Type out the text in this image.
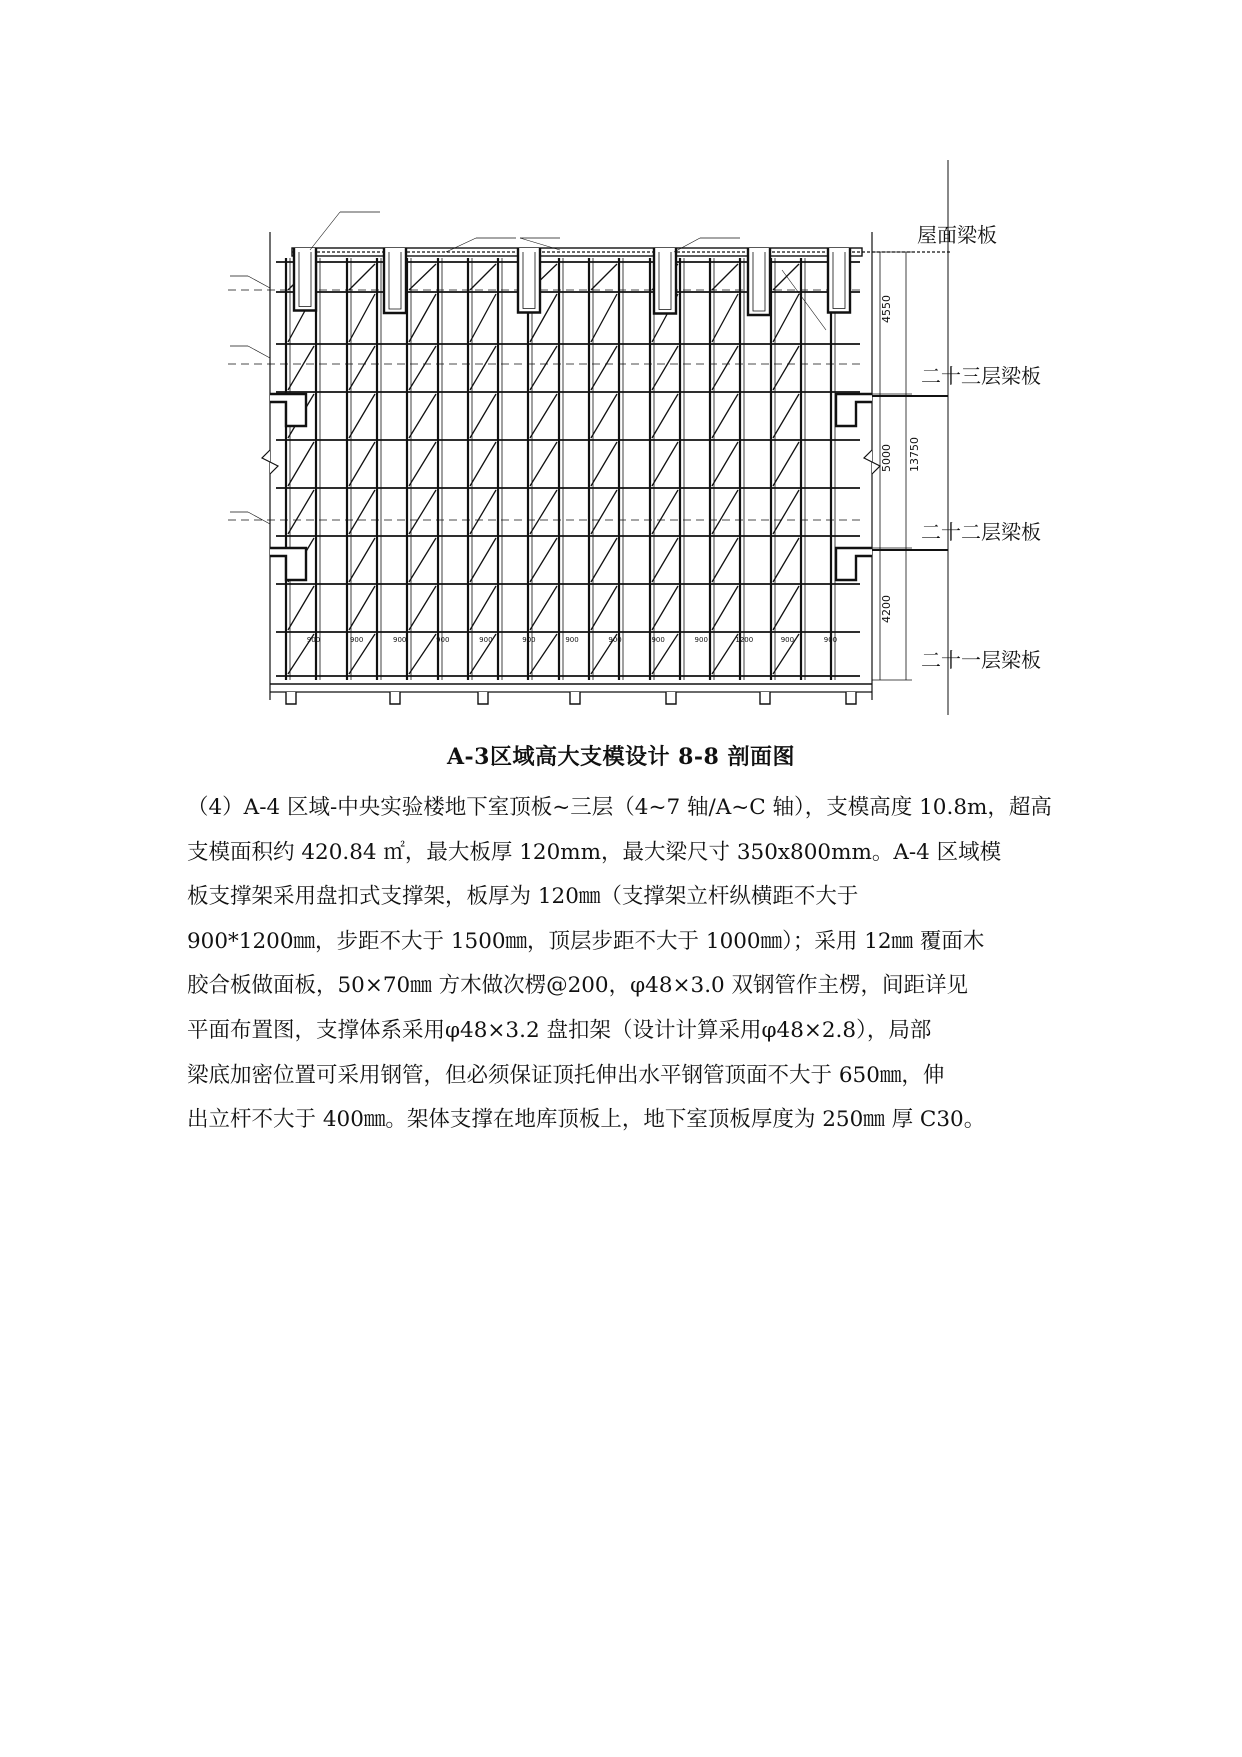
屋面梁板
二十三层梁板
二十二层梁板
二十一层梁板
4550
5000 13750
4200
900	900	900	900	900	900	900	900	900	900	1200	900	900
A-3区域高大支模设计 8-8 剖面图
（4）A-4 区域-中央实验楼地下室顶板~三层（4~7 轴/A~C 轴），支模高度 10.8m，超高
支模面积约 420.84 ㎡，最大板厚 120mm，最大梁尺寸 350x800mm。A-4 区域模
板支撑架采用盘扣式支撑架，板厚为 120㎜（支撑架立杆纵横距不大于
900*1200㎜，步距不大于 1500㎜，顶层步距不大于 1000㎜）；采用 12㎜ 覆面木
胶合板做面板，50×70㎜ 方木做次楞@200，φ48×3.0 双钢管作主楞，间距详见
平面布置图，支撑体系采用φ48×3.2 盘扣架（设计计算采用φ48×2.8），局部
梁底加密位置可采用钢管，但必须保证顶托伸出水平钢管顶面不大于 650㎜，伸
出立杆不大于 400㎜。架体支撑在地库顶板上，地下室顶板厚度为 250㎜ 厚 C30。
